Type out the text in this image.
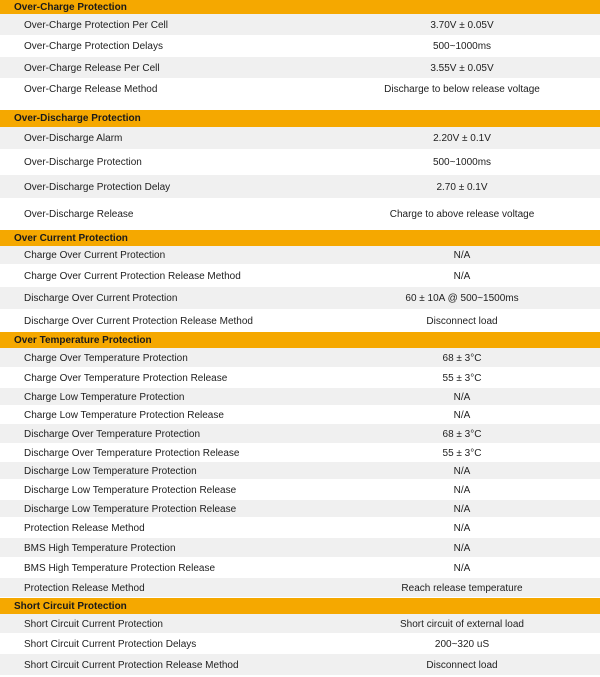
Over-Charge Protection
Over-Charge Protection Per Cell	3.70V ± 0.05V
Over-Charge Protection Delays	500~1000ms
Over-Charge Release Per Cell	3.55V ± 0.05V
Over-Charge Release Method	Discharge to below release voltage
Over-Discharge Protection
Over-Discharge Alarm	2.20V ± 0.1V
Over-Discharge Protection	500~1000ms
Over-Discharge Protection Delay	2.70 ± 0.1V
Over-Discharge Release	Charge to above release voltage
Over Current Protection
Charge Over Current Protection	N/A
Charge Over Current Protection Release Method	N/A
Discharge Over Current Protection	60 ± 10A @ 500~1500ms
Discharge Over Current Protection Release Method	Disconnect load
Over Temperature Protection
Charge Over Temperature Protection	68 ± 3°C
Charge Over Temperature Protection Release	55 ± 3°C
Charge Low Temperature Protection	N/A
Charge Low Temperature Protection Release	N/A
Discharge Over Temperature Protection	68 ± 3°C
Discharge Over Temperature Protection Release	55 ± 3°C
Discharge Low Temperature Protection	N/A
Discharge Low Temperature Protection Release	N/A
Discharge Low Temperature Protection Release	N/A
Protection Release Method	N/A
BMS High Temperature Protection	N/A
BMS High Temperature Protection Release	N/A
Protection Release Method	Reach release temperature
Short Circuit Protection
Short Circuit Current Protection	Short circuit of external load
Short Circuit Current Protection Delays	200~320 uS
Short Circuit Current Protection Release Method	Disconnect load
